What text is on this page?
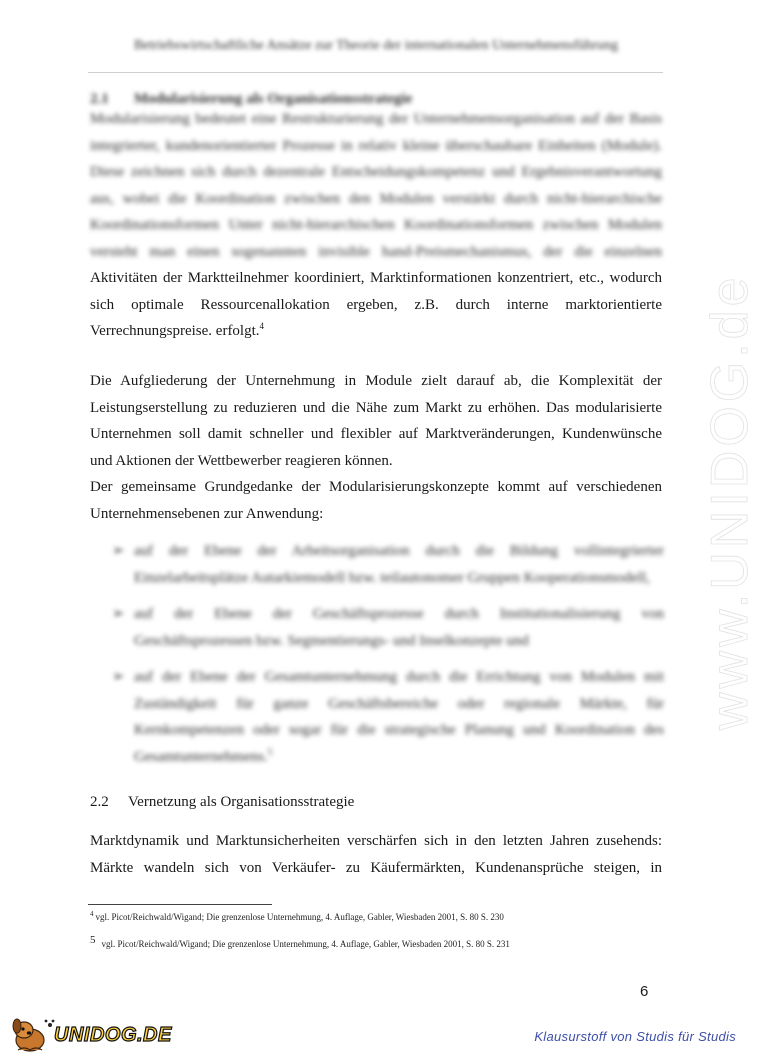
www.UNIDOG.de
Betriebswirtschaftliche Ansätze zur Theorie der internationalen Unternehmensführung
2.1 Modularisierung als Organisationsstrategie
Modularisierung bedeutet eine Restrukturierung der Unternehmensorganisation auf der Basis
integrierter, kundenorientierter Prozesse in relativ kleine überschaubare Einheiten (Module).
Diese zeichnen sich durch dezentrale Entscheidungskompetenz und Ergebnisverantwortung
aus, wobei die Koordination zwischen den Modulen verstärkt durch nicht-hierarchische
Koordinationsformen Unter nicht-hierarchischen Koordinationsformen zwischen Modulen
versteht man einen sogenannten invisible hand-Preismechanismus, der die einzelnen
Aktivitäten der Marktteilnehmer koordiniert, Marktinformationen konzentriert, etc., wodurch
sich optimale Ressourcenallokation ergeben, z.B. durch interne marktorientierte
Verrechnungspreise. erfolgt.$^4$
Die Aufgliederung der Unternehmung in Module zielt darauf ab, die Komplexität der
Leistungserstellung zu reduzieren und die Nähe zum Markt zu erhöhen. Das modularisierte
Unternehmen soll damit schneller und flexibler auf Marktveränderungen, Kundenwünsche
und Aktionen der Wettbewerber reagieren können.
Der gemeinsame Grundgedanke der Modularisierungskonzepte kommt auf verschiedenen
Unternehmensebenen zur Anwendung:
➢ auf der Ebene der Arbeitsorganisation durch die Bildung vollintegrierter
Einzelarbeitsplätze Autarkiemodell bzw. teilautonomer Gruppen Kooperationsmodell,
➢ auf der Ebene der Geschäftsprozesse durch Institutionalisierung von
Geschäftsprozessen bzw. Segmentierungs- und Inselkonzepte und
➢ auf der Ebene der Gesamtunternehmung durch die Errichtung von Modulen mit
Zuständigkeit für ganze Geschäftsbereiche oder regionale Märkte, für
Kernkompetenzen oder sogar für die strategische Planung und Koordination des
Gesamtunternehmens.$^5$
2.2 Vernetzung als Organisationsstrategie
Marktdynamik und Marktunsicherheiten verschärfen sich in den letzten Jahren zusehends:
Märkte wandeln sich von Verkäufer- zu Käufermärkten, Kundenansprüche steigen, in
$^4$ vgl. Picot/Reichwald/Wigand; Die grenzenlose Unternehmung, 4. Auflage, Gabler, Wiesbaden 2001, S. 80 S. 230
5 vgl. Picot/Reichwald/Wigand; Die grenzenlose Unternehmung, 4. Auflage, Gabler, Wiesbaden 2001, S. 80 S. 231
6
UNIDOG.DE	Klausurstoff von Studis für Studis
